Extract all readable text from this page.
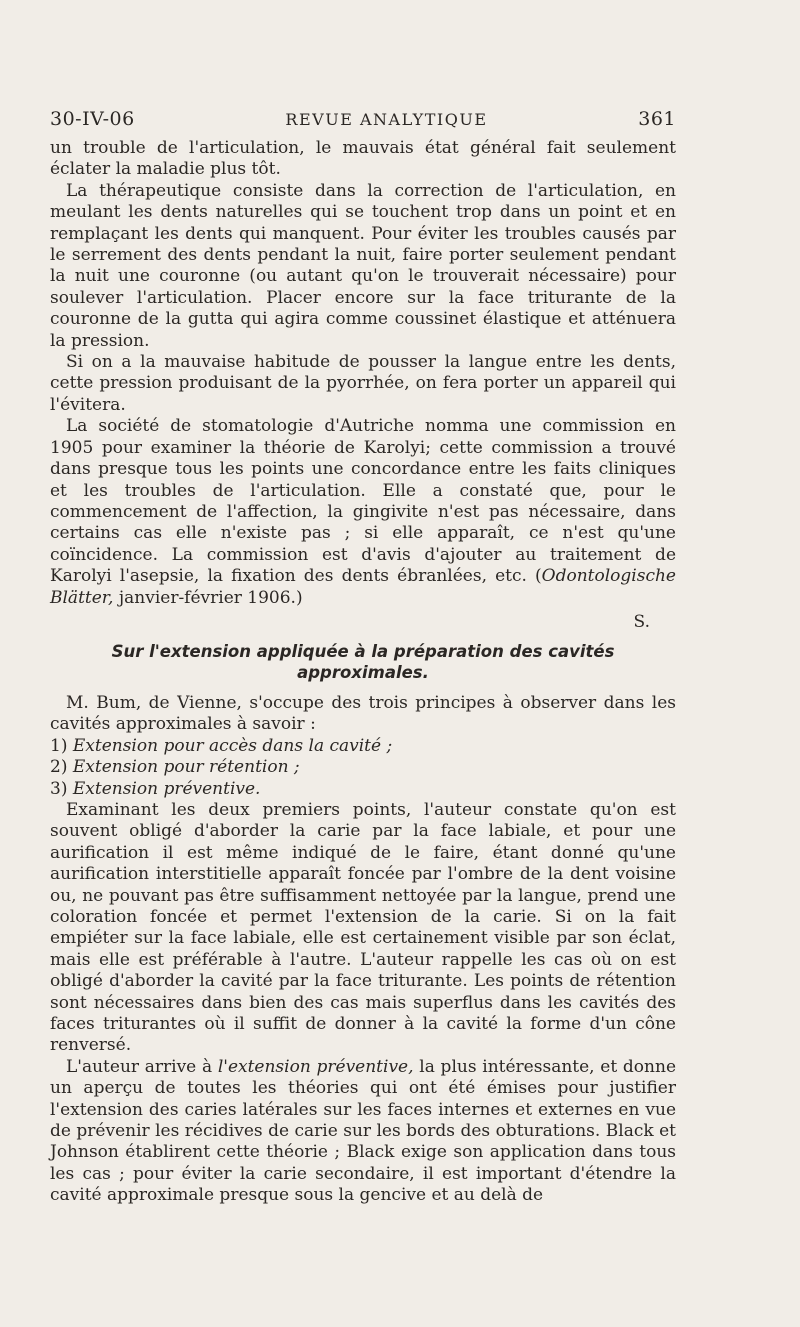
30-IV-06	REVUE ANALYTIQUE	361

un trouble de l'articulation, le mauvais état général fait seulement éclater la maladie plus tôt.

La thérapeutique consiste dans la correction de l'articulation, en meulant les dents naturelles qui se touchent trop dans un point et en remplaçant les dents qui manquent. Pour éviter les troubles causés par le serrement des dents pendant la nuit, faire porter seulement pendant la nuit une couronne (ou autant qu'on le trouverait nécessaire) pour soulever l'articulation. Placer encore sur la face triturante de la couronne de la gutta qui agira comme coussinet élastique et atténuera la pression.

Si on a la mauvaise habitude de pousser la langue entre les dents, cette pression produisant de la pyorrhée, on fera porter un appareil qui l'évitera.

La société de stomatologie d'Autriche nomma une commission en 1905 pour examiner la théorie de Karolyi; cette commission a trouvé dans presque tous les points une concordance entre les faits cliniques et les troubles de l'articulation. Elle a constaté que, pour le commencement de l'affection, la gingivite n'est pas nécessaire, dans certains cas elle n'existe pas ; si elle apparaît, ce n'est qu'une coïncidence. La commission est d'avis d'ajouter au traitement de Karolyi l'asepsie, la fixation des dents ébranlées, etc. (Odontologische Blätter, janvier-février 1906.)

S.
Sur l'extension appliquée à la préparation des cavités approximales.

M. Bum, de Vienne, s'occupe des trois principes à observer dans les cavités approximales à savoir :

1) Extension pour accès dans la cavité ;

2) Extension pour rétention ;

3) Extension préventive.

Examinant les deux premiers points, l'auteur constate qu'on est souvent obligé d'aborder la carie par la face labiale, et pour une aurification il est même indiqué de le faire, étant donné qu'une aurification interstitielle apparaît foncée par l'ombre de la dent voisine ou, ne pouvant pas être suffisamment nettoyée par la langue, prend une coloration foncée et permet l'extension de la carie. Si on la fait empiéter sur la face labiale, elle est certainement visible par son éclat, mais elle est préférable à l'autre. L'auteur rappelle les cas où on est obligé d'aborder la cavité par la face triturante. Les points de rétention sont nécessaires dans bien des cas mais superflus dans les cavités des faces triturantes où il suffit de donner à la cavité la forme d'un cône renversé.

L'auteur arrive à l'extension préventive, la plus intéressante, et donne un aperçu de toutes les théories qui ont été émises pour justifier l'extension des caries latérales sur les faces internes et externes en vue de prévenir les récidives de carie sur les bords des obturations. Black et Johnson établirent cette théorie ; Black exige son application dans tous les cas ; pour éviter la carie secondaire, il est important d'étendre la cavité approximale presque sous la gencive et au delà de
